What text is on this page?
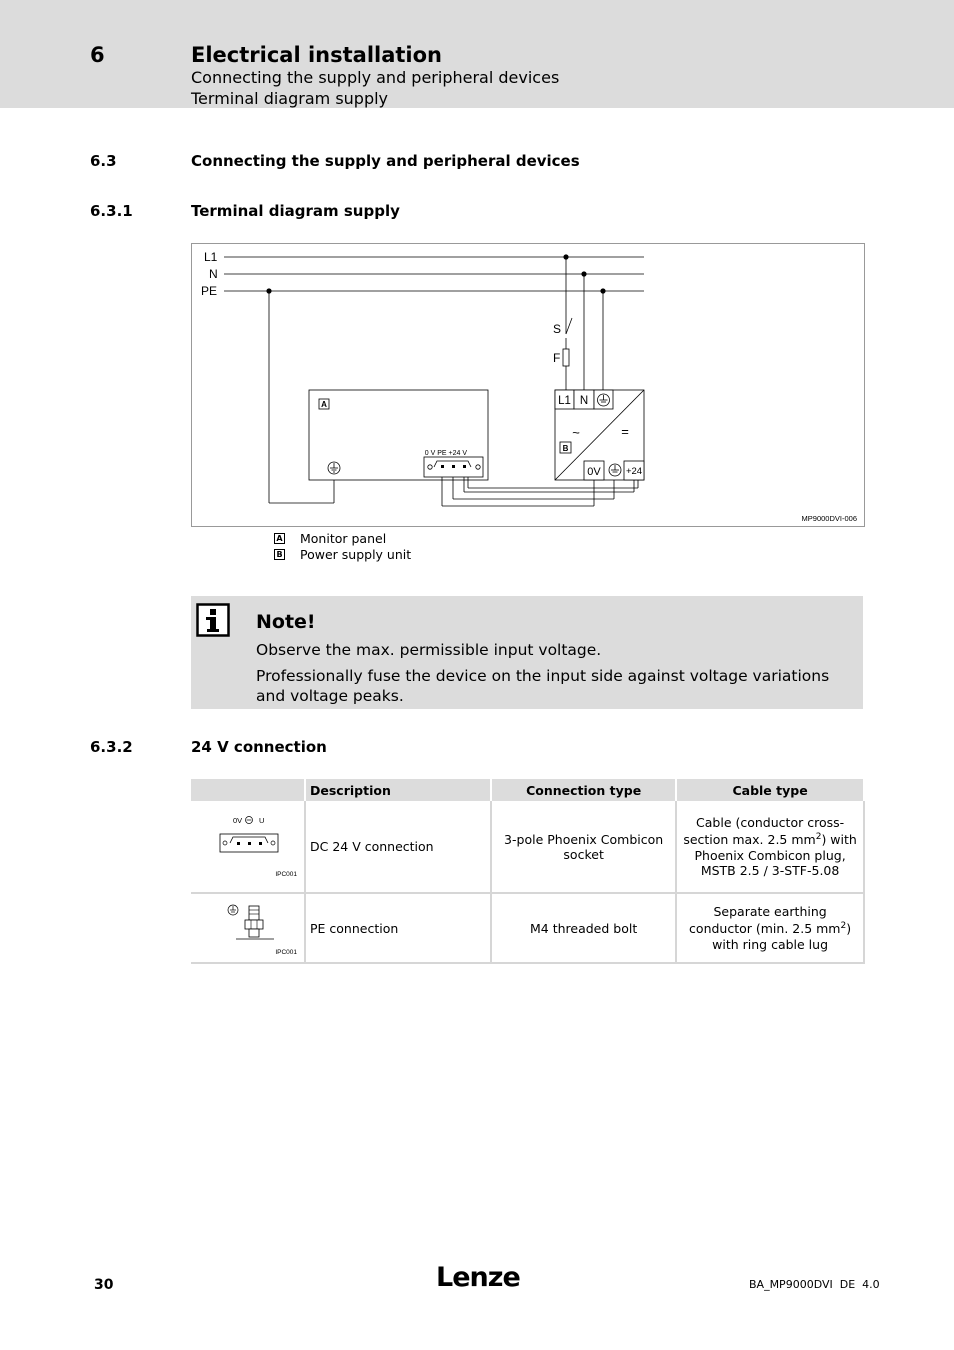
6	Electrical installation
Connecting the supply and peripheral devices
Terminal diagram supply
6.3	Connecting the supply and peripheral devices
6.3.1	Terminal diagram supply
L1
N
PE
S
F
A
0 V PE +24 V
L1 N
~	=
B
0V	+24
MP9000DVI-006
A Monitor panel
B Power supply unit
Note!
Observe the max. permissible input voltage.
Professionally fuse the device on the input side against voltage variations and voltage peaks.
6.3.2	24 V connection
	Description	Connection type	Cable type

0V U
IPC001	DC 24 V connection	3-pole Phoenix Combicon socket	Cable (conductor cross-section max. 2.5 $mm^2$) with Phoenix Combicon plug, MSTB 2.5 / 3-STF-5.08

IPC001	PE connection	M4 threaded bolt	Separate earthing conductor (min. 2.5 $mm^2$) with ring cable lug
30	Lenze	BA_MP9000DVI  DE  4.0
